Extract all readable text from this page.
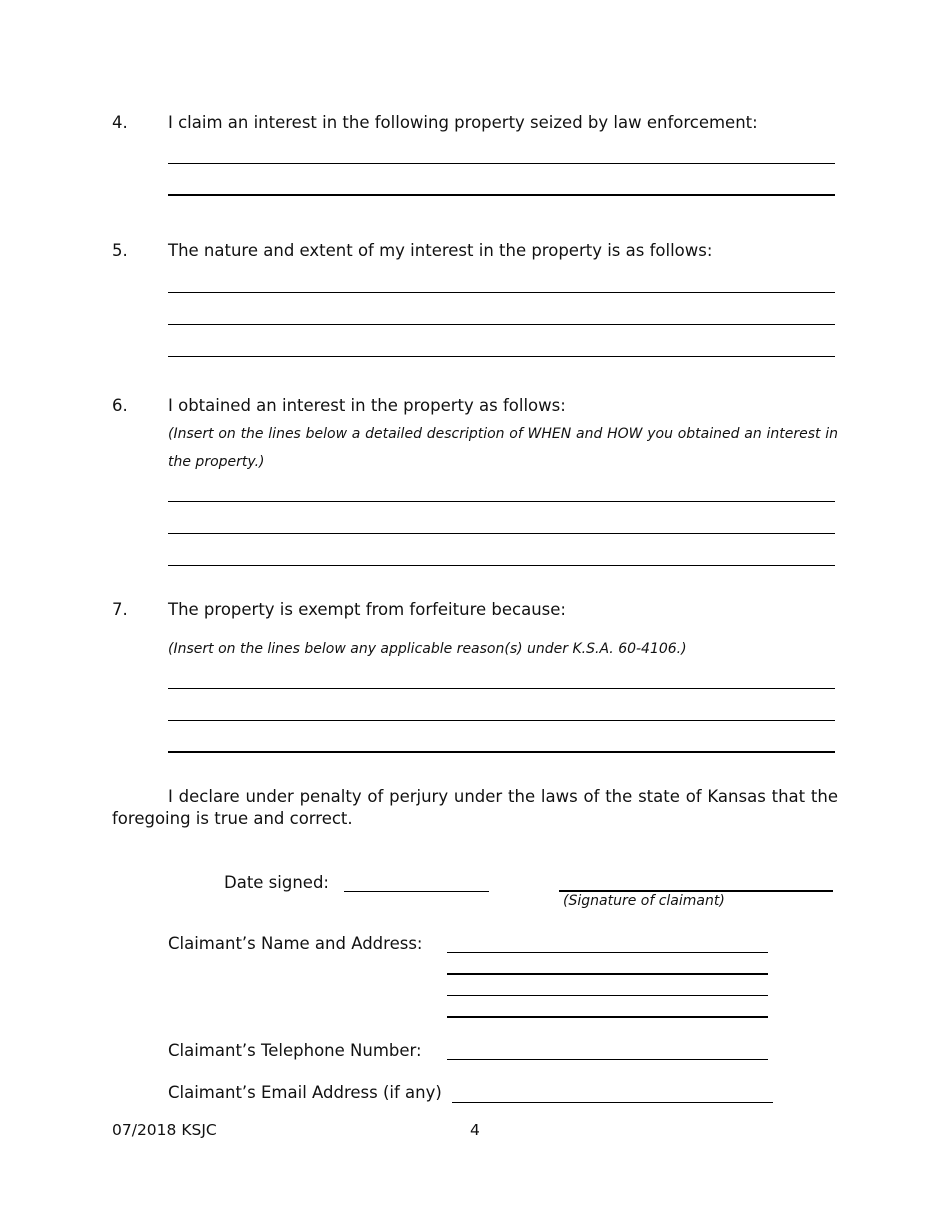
4. I claim an interest in the following property seized by law enforcement:
5. The nature and extent of my interest in the property is as follows:
6. I obtained an interest in the property as follows:
(Insert on the lines below a detailed description of WHEN and HOW you obtained an interest in
the property.)
7. The property is exempt from forfeiture because:
(Insert on the lines below any applicable reason(s) under K.S.A. 60-4106.)
I declare under penalty of perjury under the laws of the state of Kansas that the
foregoing is true and correct.
Date signed:
(Signature of claimant)
Claimant’s Name and Address:
Claimant’s Telephone Number:
Claimant’s Email Address (if any)
07/2018 KSJC	4
